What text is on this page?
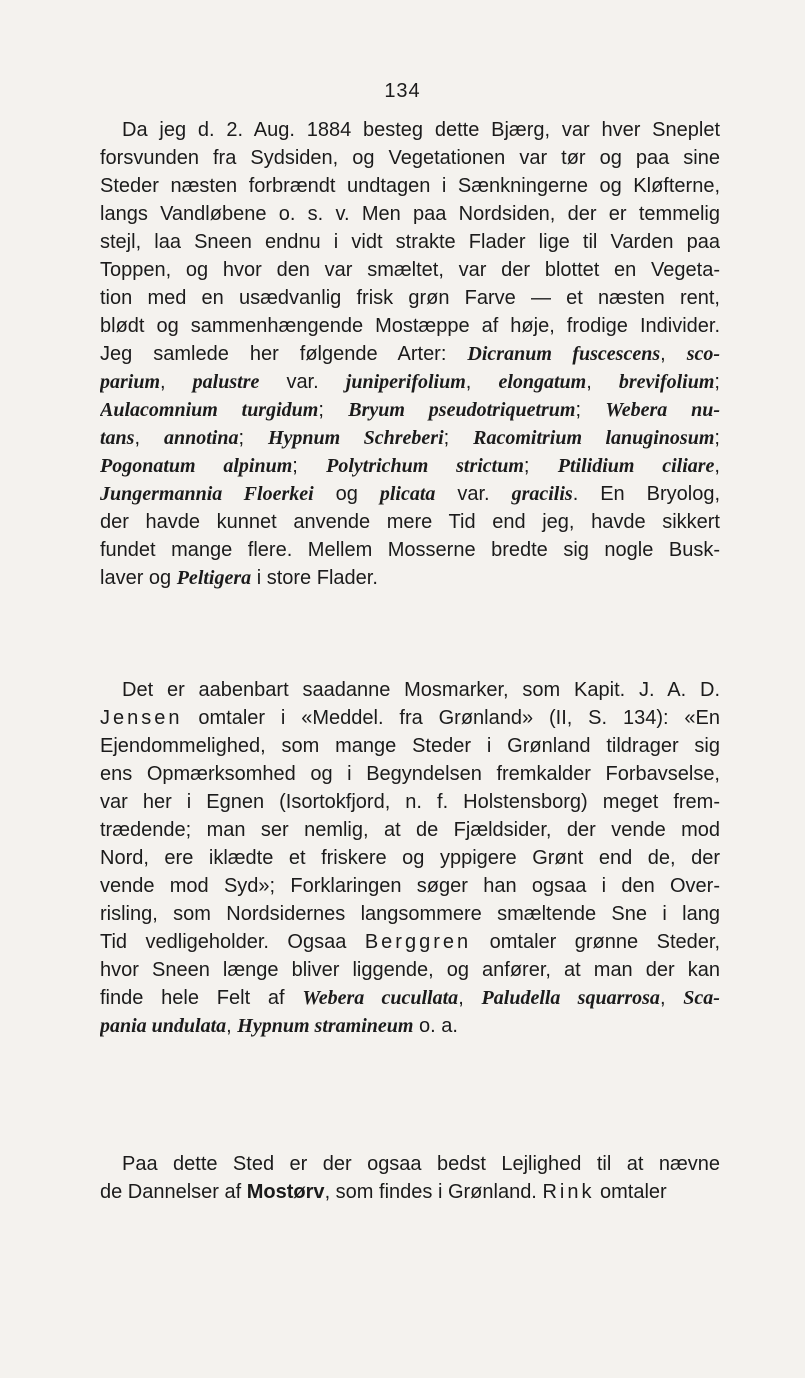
134
Da jeg d. 2. Aug. 1884 besteg dette Bjærg, var hver Sneplet
forsvunden fra Sydsiden, og Vegetationen var tør og paa sine
Steder næsten forbrændt undtagen i Sænkningerne og Kløfterne,
langs Vandløbene o. s. v. Men paa Nordsiden, der er temmelig
stejl, laa Sneen endnu i vidt strakte Flader lige til Varden paa
Toppen, og hvor den var smæltet, var der blottet en Vegeta-
tion med en usædvanlig frisk grøn Farve — et næsten rent,
blødt og sammenhængende Mostæppe af høje, frodige Individer.
Jeg samlede her følgende Arter: Dicranum fuscescens, sco-
parium, palustre var. juniperifolium, elongatum, brevifolium;
Aulacomnium turgidum; Bryum pseudotriquetrum; Webera nu-
tans, annotina; Hypnum Schreberi; Racomitrium lanuginosum;
Pogonatum alpinum; Polytrichum strictum; Ptilidium ciliare,
Jungermannia Floerkei og plicata var. gracilis. En Bryolog,
der havde kunnet anvende mere Tid end jeg, havde sikkert
fundet mange flere. Mellem Mosserne bredte sig nogle Busk-
laver og Peltigera i store Flader.
Det er aabenbart saadanne Mosmarker, som Kapit. J. A. D.
Jensen omtaler i «Meddel. fra Grønland» (II, S. 134): «En
Ejendommelighed, som mange Steder i Grønland tildrager sig
ens Opmærksomhed og i Begyndelsen fremkalder Forbavselse,
var her i Egnen (Isortokfjord, n. f. Holstensborg) meget frem-
trædende; man ser nemlig, at de Fjældsider, der vende mod
Nord, ere iklædte et friskere og yppigere Grønt end de, der
vende mod Syd»; Forklaringen søger han ogsaa i den Over-
risling, som Nordsidernes langsommere smæltende Sne i lang
Tid vedligeholder. Ogsaa Berggren omtaler grønne Steder,
hvor Sneen længe bliver liggende, og anfører, at man der kan
finde hele Felt af Webera cucullata, Paludella squarrosa, Sca-
pania undulata, Hypnum stramineum o. a.
Paa dette Sted er der ogsaa bedst Lejlighed til at nævne
de Dannelser af Mostørv, som findes i Grønland. Rink omtaler
